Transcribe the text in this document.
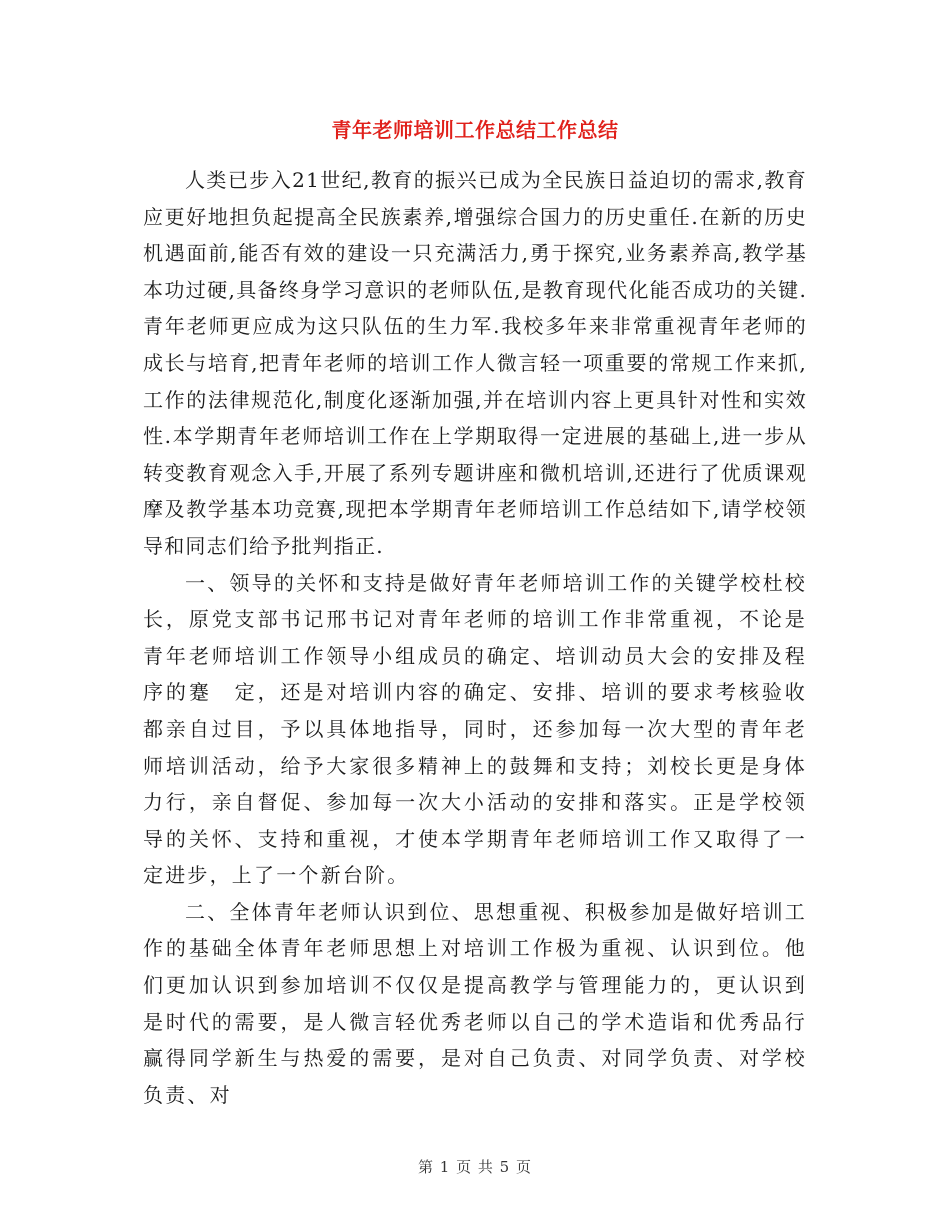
青年老师培训工作总结工作总结

人类已步入21世纪,教育的振兴已成为全民族日益迫切的需求,教育应更好地担负起提高全民族素养,增强综合国力的历史重任.在新的历史机遇面前,能否有效的建设一只充满活力,勇于探究,业务素养高,教学基本功过硬,具备终身学习意识的老师队伍,是教育现代化能否成功的关键.青年老师更应成为这只队伍的生力军.我校多年来非常重视青年老师的成长与培育,把青年老师的培训工作人微言轻一项重要的常规工作来抓,工作的法律规范化,制度化逐渐加强,并在培训内容上更具针对性和实效性.本学期青年老师培训工作在上学期取得一定进展的基础上,进一步从转变教育观念入手,开展了系列专题讲座和微机培训,还进行了优质课观摩及教学基本功竞赛,现把本学期青年老师培训工作总结如下,请学校领导和同志们给予批判指正.

一、领导的关怀和支持是做好青年老师培训工作的关键学校杜校长，原党支部书记邢书记对青年老师的培训工作非常重视，不论是青年老师培训工作领导小组成员的确定、培训动员大会的安排及程序的蹇　定，还是对培训内容的确定、安排、培训的要求考核验收都亲自过目，予以具体地指导，同时，还参加每一次大型的青年老师培训活动，给予大家很多精神上的鼓舞和支持；刘校长更是身体力行，亲自督促、参加每一次大小活动的安排和落实。正是学校领导的关怀、支持和重视，才使本学期青年老师培训工作又取得了一定进步，上了一个新台阶。

二、全体青年老师认识到位、思想重视、积极参加是做好培训工作的基础全体青年老师思想上对培训工作极为重视、认识到位。他们更加认识到参加培训不仅仅是提高教学与管理能力的，更认识到是时代的需要，是人微言轻优秀老师以自己的学术造诣和优秀品行赢得同学新生与热爱的需要，是对自己负责、对同学负责、对学校负责、对

第 1 页 共 5 页
